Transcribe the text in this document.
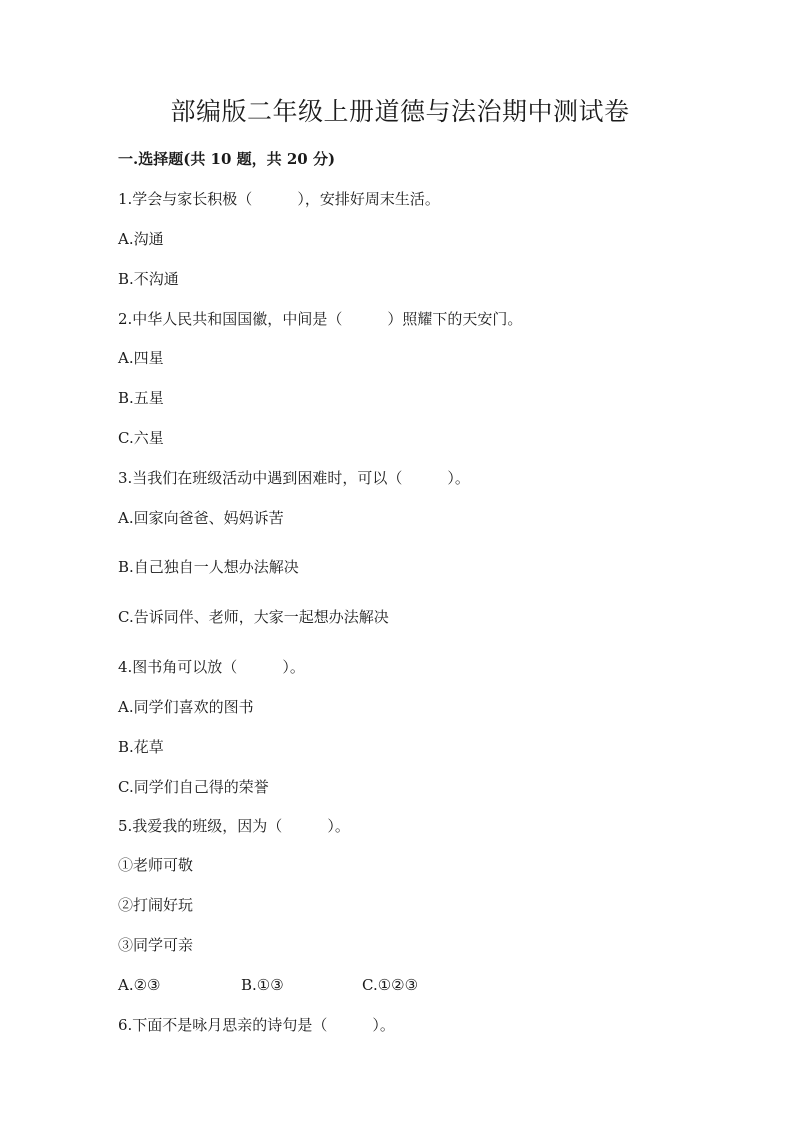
部编版二年级上册道德与法治期中测试卷
一.选择题(共 10 题，共 20 分)
1.学会与家长积极（　　　），安排好周末生活。
A.沟通
B.不沟通
2.中华人民共和国国徽，中间是（　　　）照耀下的天安门。
A.四星
B.五星
C.六星
3.当我们在班级活动中遇到困难时，可以（　　　）。
A.回家向爸爸、妈妈诉苦
B.自己独自一人想办法解决
C.告诉同伴、老师，大家一起想办法解决
4.图书角可以放（　　　）。
A.同学们喜欢的图书
B.花草
C.同学们自己得的荣誉
5.我爱我的班级，因为（　　　）。
①老师可敬
②打闹好玩
③同学可亲
A.②③	B.①③	C.①②③
6.下面不是咏月思亲的诗句是（　　　）。
